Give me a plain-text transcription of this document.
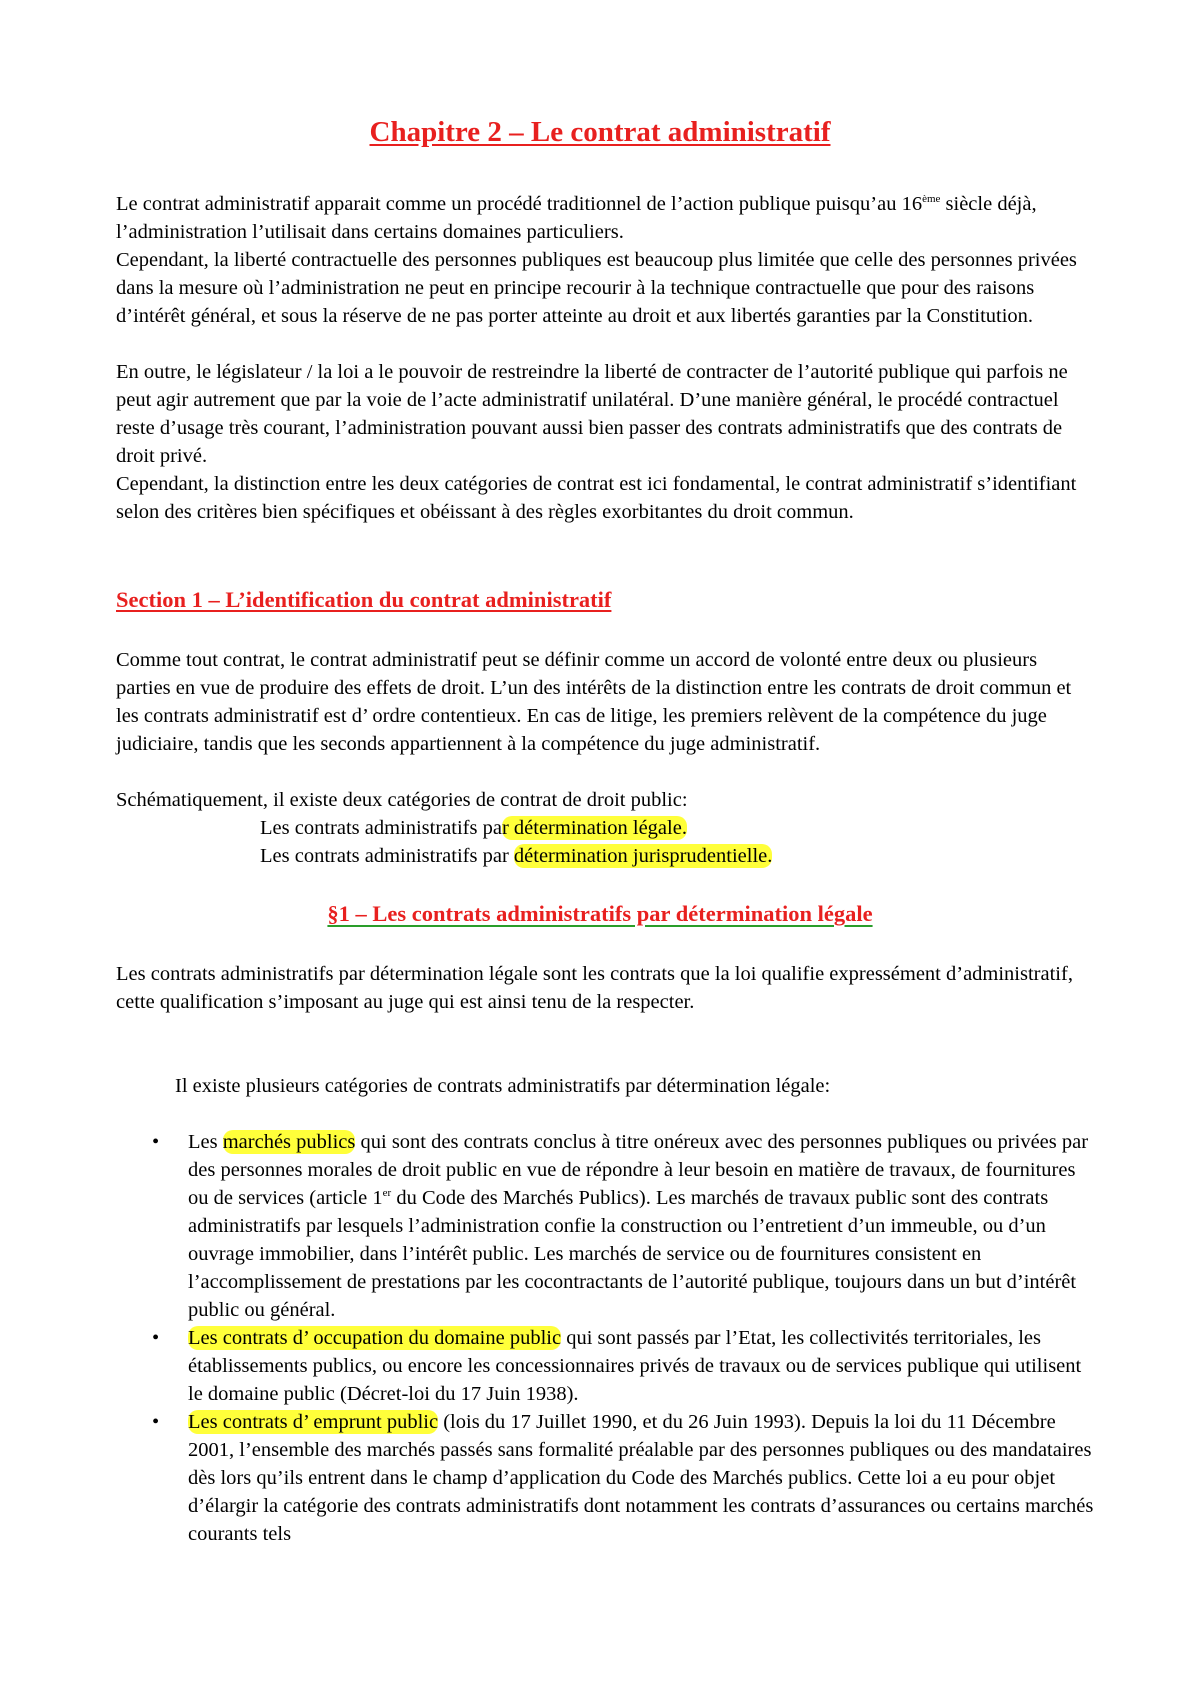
Chapitre 2 – Le contrat administratif

Le contrat administratif apparait comme un procédé traditionnel de l’action publique puisqu’au 16ème siècle déjà, l’administration l’utilisait dans certains domaines particuliers.

Cependant, la liberté contractuelle des personnes publiques est beaucoup plus limitée que celle des personnes privées dans la mesure où l’administration ne peut en principe recourir à la technique contractuelle que pour des raisons d’intérêt général, et sous la réserve de ne pas porter atteinte au droit et aux libertés garanties par la Constitution.

En outre, le législateur / la loi a le pouvoir de restreindre la liberté de contracter de l’autorité publique qui parfois ne peut agir autrement que par la voie de l’acte administratif unilatéral. D’une manière général, le procédé contractuel reste d’usage très courant, l’administration pouvant aussi bien passer des contrats administratifs que des contrats de droit privé.

Cependant, la distinction entre les deux catégories de contrat est ici fondamental, le contrat administratif s’identifiant selon des critères bien spécifiques et obéissant à des règles exorbitantes du droit commun.

Section 1 – L’identification du contrat administratif

Comme tout contrat, le contrat administratif peut se définir comme un accord de volonté entre deux ou plusieurs parties en vue de produire des effets de droit. L’un des intérêts de la distinction entre les contrats de droit commun et les contrats administratif est d’ ordre contentieux. En cas de litige, les premiers relèvent de la compétence du juge judiciaire, tandis que les seconds appartiennent à la compétence du juge administratif.

Schématiquement, il existe deux catégories de contrat de droit public:

Les contrats administratifs par détermination légale.
Les contrats administratifs par détermination jurisprudentielle.
§1 – Les contrats administratifs par détermination légale

Les contrats administratifs par détermination légale sont les contrats que la loi qualifie expressément d’administratif, cette qualification s’imposant au juge qui est ainsi tenu de la respecter.

Il existe plusieurs catégories de contrats administratifs par détermination légale:

• Les marchés publics qui sont des contrats conclus à titre onéreux avec des personnes publiques ou privées par des personnes morales de droit public en vue de répondre à leur besoin en matière de travaux, de fournitures ou de services (article 1er du Code des Marchés Publics). Les marchés de travaux public sont des contrats administratifs par lesquels l’administration confie la construction ou l’entretient d’un immeuble, ou d’un ouvrage immobilier, dans l’intérêt public. Les marchés de service ou de fournitures consistent en l’accomplissement de prestations par les cocontractants de l’autorité publique, toujours dans un but d’intérêt public ou général.
• Les contrats d’ occupation du domaine public qui sont passés par l’Etat, les collectivités territoriales, les établissements publics, ou encore les concessionnaires privés de travaux ou de services publique qui utilisent le domaine public (Décret-loi du 17 Juin 1938).
• Les contrats d’ emprunt public (lois du 17 Juillet 1990, et du 26 Juin 1993). Depuis la loi du 11 Décembre 2001, l’ensemble des marchés passés sans formalité préalable par des personnes publiques ou des mandataires dès lors qu’ils entrent dans le champ d’application du Code des Marchés publics. Cette loi a eu pour objet d’élargir la catégorie des contrats administratifs dont notamment les contrats d’assurances ou certains marchés courants tels
